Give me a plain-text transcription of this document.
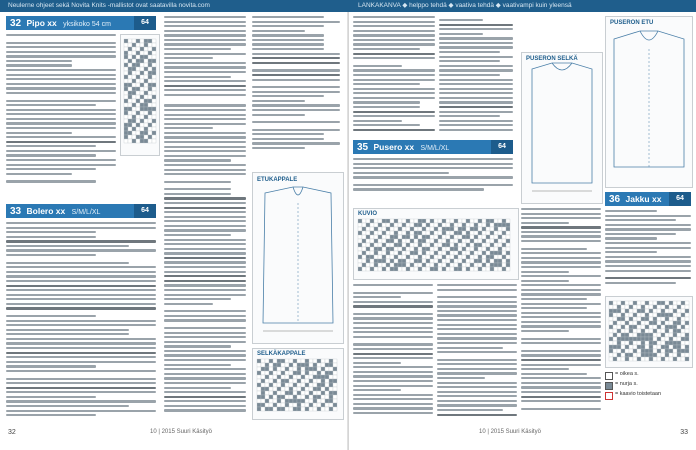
Neulerne ohjeet sekä Novita Knits -mallistot ovat saatavilla novita.com	LANKAKANVA ◆ helppo tehdä ◆ vaativa tehdä ◆ vaativampi kuin yleensä
32 Pipo xx yksikoko 54 cm	64
33 Bolero xx S/M/L/XL	64
ETUKAPPALE
SELKÄKAPPALE
32	10 | 2015 Suuri Käsityö
35 Pusero xx S/M/L/XL	64
PUSERON SELKÄ
PUSERON ETU
KUVIO
36 Jakku xx	64
= oikea s.
= nurja s.
= kaavio toistetaan
10 | 2015 Suuri Käsityö	33
